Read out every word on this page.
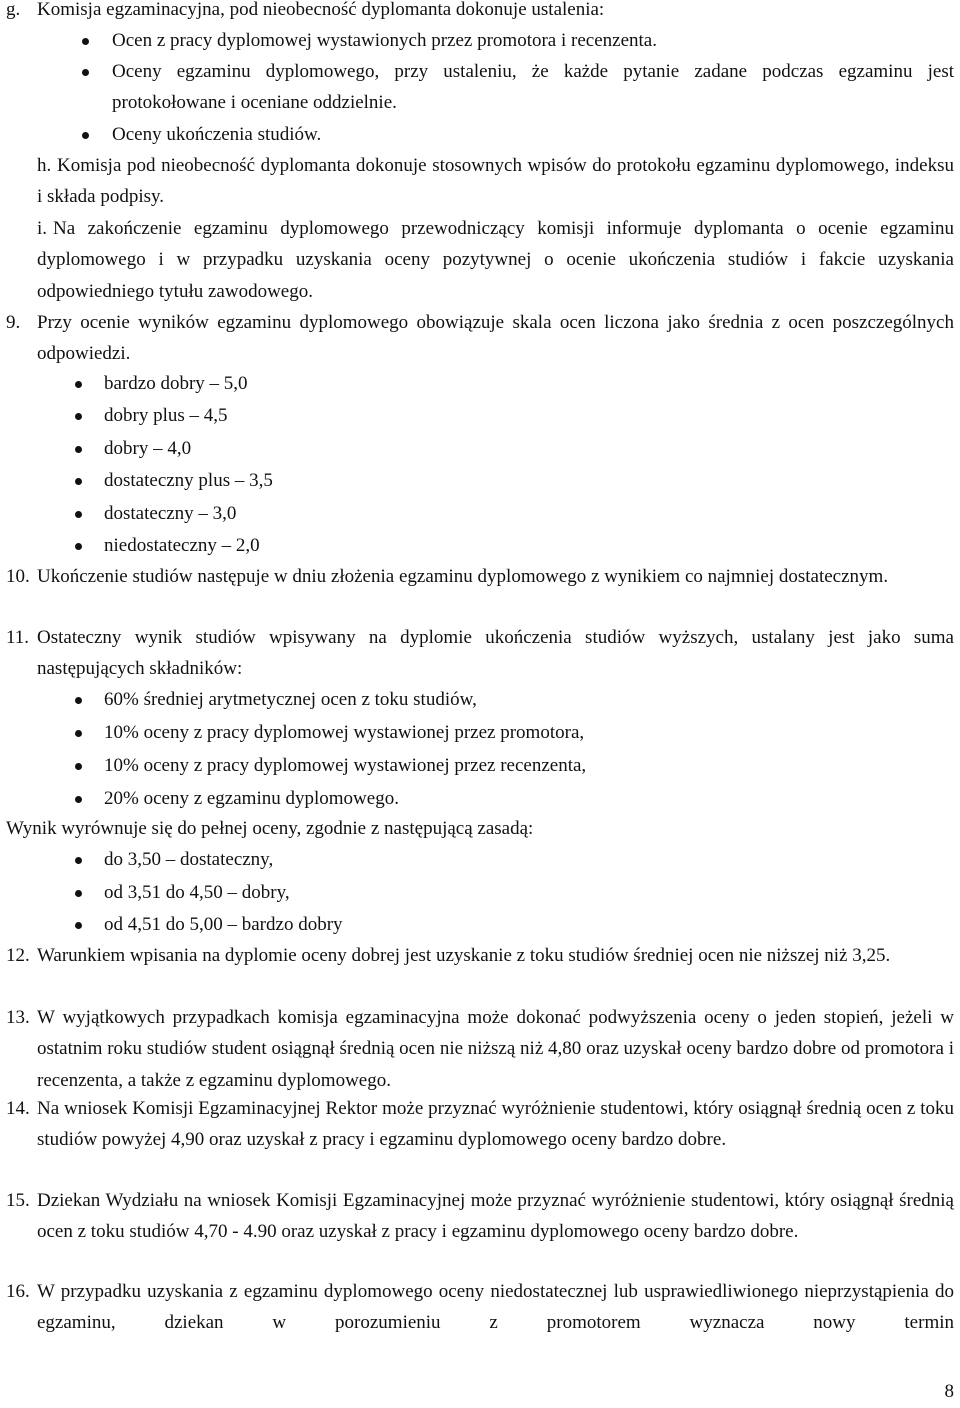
g. Komisja egzaminacyjna, pod nieobecność dyplomanta dokonuje ustalenia:
Ocen z pracy dyplomowej wystawionych przez promotora i recenzenta.
Oceny egzaminu dyplomowego, przy ustaleniu, że każde pytanie zadane podczas egzaminu jest protokołowane i oceniane oddzielnie.
Oceny ukończenia studiów.
h. Komisja pod nieobecność dyplomanta dokonuje stosownych wpisów do protokołu egzaminu dyplomowego, indeksu i składa podpisy.
i. Na zakończenie egzaminu dyplomowego przewodniczący komisji informuje dyplomanta o ocenie egzaminu dyplomowego i w przypadku uzyskania oceny pozytywnej o ocenie ukończenia studiów i fakcie uzyskania odpowiedniego tytułu zawodowego.
9. Przy ocenie wyników egzaminu dyplomowego obowiązuje skala ocen liczona jako średnia z ocen poszczególnych odpowiedzi.
bardzo dobry – 5,0
dobry plus – 4,5
dobry – 4,0
dostateczny plus – 3,5
dostateczny – 3,0
niedostateczny – 2,0
10. Ukończenie studiów następuje w dniu złożenia egzaminu dyplomowego z wynikiem co najmniej dostatecznym.
11. Ostateczny wynik studiów wpisywany na dyplomie ukończenia studiów wyższych, ustalany jest jako suma następujących składników:
60% średniej arytmetycznej ocen z toku studiów,
10% oceny z pracy dyplomowej wystawionej przez promotora,
10% oceny z pracy dyplomowej wystawionej przez recenzenta,
20% oceny z egzaminu dyplomowego.
Wynik wyrównuje się do pełnej oceny, zgodnie z następującą zasadą:
do 3,50 – dostateczny,
od 3,51 do 4,50 – dobry,
od 4,51 do 5,00 – bardzo dobry
12. Warunkiem wpisania na dyplomie oceny dobrej jest uzyskanie z toku studiów średniej ocen nie niższej niż 3,25.
13. W wyjątkowych przypadkach komisja egzaminacyjna może dokonać podwyższenia oceny o jeden stopień, jeżeli w ostatnim roku studiów student osiągnął średnią ocen nie niższą niż 4,80 oraz uzyskał oceny bardzo dobre od promotora i recenzenta, a także z egzaminu dyplomowego.
14. Na wniosek Komisji Egzaminacyjnej Rektor może przyznać wyróżnienie studentowi, który osiągnął średnią ocen z toku studiów powyżej 4,90 oraz uzyskał z pracy i egzaminu dyplomowego oceny bardzo dobre.
15. Dziekan Wydziału na wniosek Komisji Egzaminacyjnej może przyznać wyróżnienie studentowi, który osiągnął średnią ocen z toku studiów 4,70 - 4.90 oraz uzyskał z pracy i egzaminu dyplomowego oceny bardzo dobre.
16. W przypadku uzyskania z egzaminu dyplomowego oceny niedostatecznej lub usprawiedliwionego nieprzystąpienia do egzaminu, dziekan w porozumieniu z promotorem wyznacza nowy termin
8
